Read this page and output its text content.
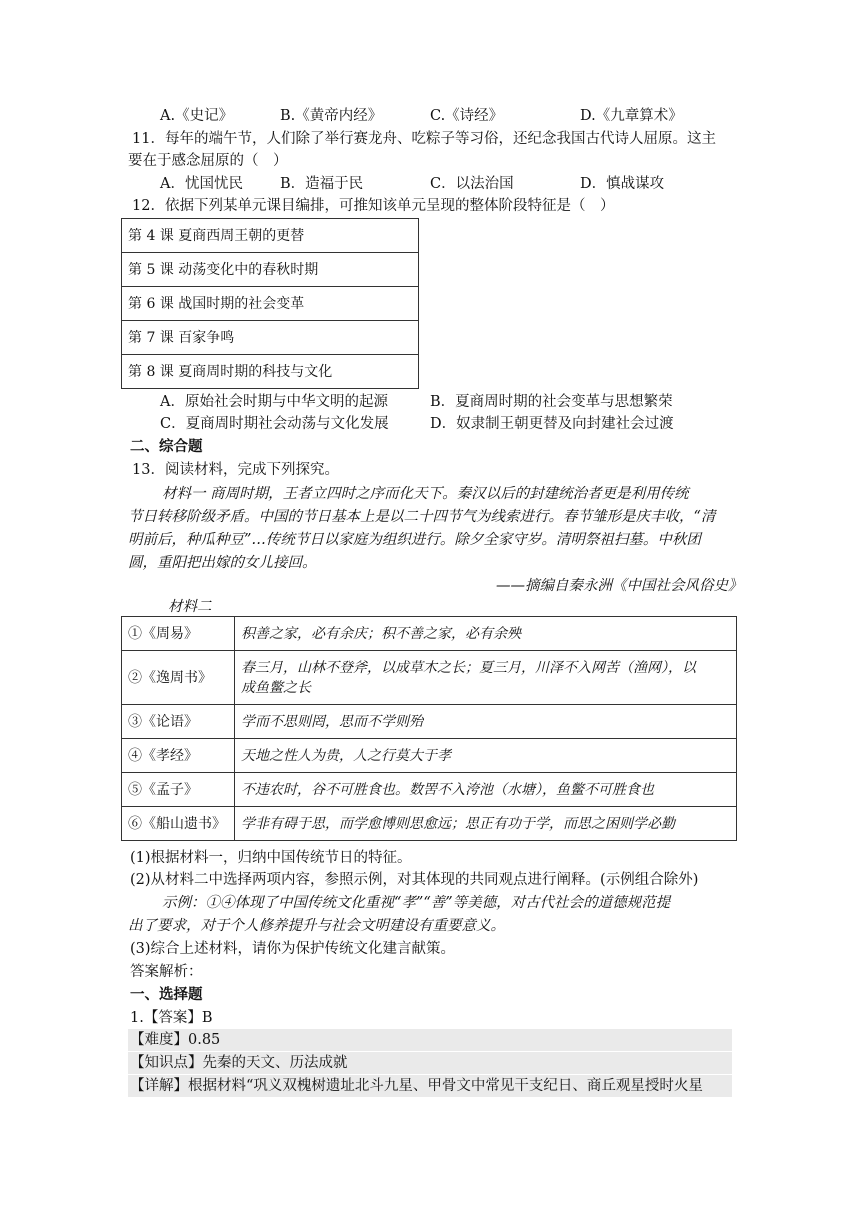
A.《史记》	B.《黄帝内经》	C.《诗经》	D.《九章算术》
11．每年的端午节，人们除了举行赛龙舟、吃粽子等习俗，还纪念我国古代诗人屈原。这主
要在于感念屈原的（　）
A．忧国忧民	B．造福于民	C．以法治国	D．慎战谋攻
12．依据下列某单元课目编排，可推知该单元呈现的整体阶段特征是（　）
第 4 课 夏商西周王朝的更替
第 5 课 动荡变化中的春秋时期
第 6 课 战国时期的社会变革
第 7 课 百家争鸣
第 8 课 夏商周时期的科技与文化
A．原始社会时期与中华文明的起源	B．夏商周时期的社会变革与思想繁荣
C．夏商周时期社会动荡与文化发展	D．奴隶制王朝更替及向封建社会过渡
二、综合题
13．阅读材料，完成下列探究。
材料一 商周时期，王者立四时之序而化天下。秦汉以后的封建统治者更是利用传统
节日转移阶级矛盾。中国的节日基本上是以二十四节气为线索进行。春节雏形是庆丰收，“清
明前后，种瓜种豆”…传统节日以家庭为组织进行。除夕全家守岁。清明祭祖扫墓。中秋团
圆，重阳把出嫁的女儿接回。
——摘编自秦永洲《中国社会风俗史》
材料二
①《周易》	积善之家，必有余庆；积不善之家，必有余殃
②《逸周书》	春三月，山林不登斧，以成草木之长；夏三月，川泽不入网苦（渔网），以
成鱼鳖之长

③《论语》	学而不思则罔，思而不学则殆
④《孝经》	天地之性人为贵，人之行莫大于孝
⑤《孟子》	不违农时，谷不可胜食也。数罟不入洿池（水塘），鱼鳖不可胜食也
⑥《船山遗书》	学非有碍于思，而学愈博则思愈远；思正有功于学，而思之困则学必勤
(1)根据材料一，归纳中国传统节日的特征。
(2)从材料二中选择两项内容，参照示例，对其体现的共同观点进行阐释。(示例组合除外)
示例：①④体现了中国传统文化重视“孝”“善”等美德，对古代社会的道德规范提
出了要求，对于个人修养提升与社会文明建设有重要意义。
(3)综合上述材料，请你为保护传统文化建言献策。
答案解析：
一、选择题
1.【答案】B
【难度】0.85
【知识点】先秦的天文、历法成就
【详解】根据材料“巩义双槐树遗址北斗九星、甲骨文中常见干支纪日、商丘观星授时火星
